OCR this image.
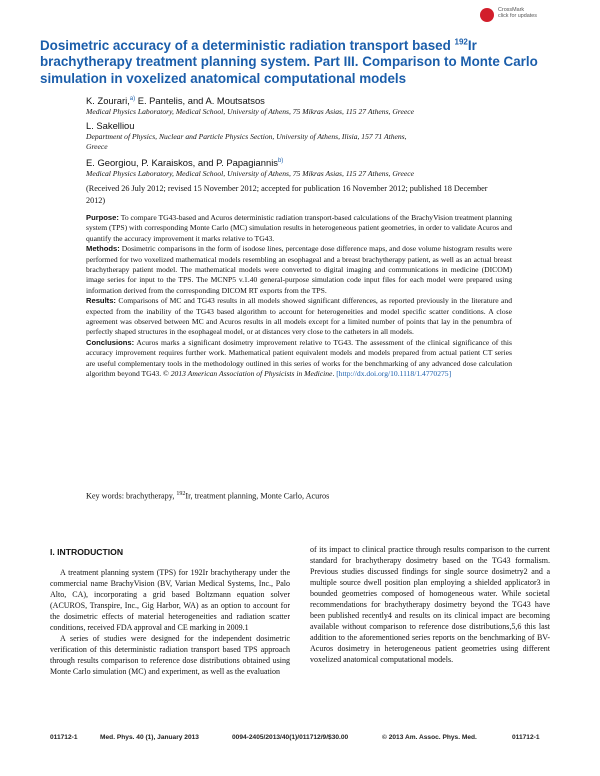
CrossMark
click for updates
Dosimetric accuracy of a deterministic radiation transport based $^{192}$Ir brachytherapy treatment planning system. Part III. Comparison to Monte Carlo simulation in voxelized anatomical computational models
K. Zourari,$^{a)}$ E. Pantelis, and A. Moutsatsos
Medical Physics Laboratory, Medical School, University of Athens, 75 Mikras Asias, 115 27 Athens, Greece
L. Sakelliou
Department of Physics, Nuclear and Particle Physics Section, University of Athens, Ilisia, 157 71 Athens, Greece
E. Georgiou, P. Karaiskos, and P. Papagiannis$^{b)}$
Medical Physics Laboratory, Medical School, University of Athens, 75 Mikras Asias, 115 27 Athens, Greece
(Received 26 July 2012; revised 15 November 2012; accepted for publication 16 November 2012; published 18 December 2012)

Purpose: To compare TG43-based and Acuros deterministic radiation transport-based calculations of the BrachyVision treatment planning system (TPS) with corresponding Monte Carlo (MC) simulation results in heterogeneous patient geometries, in order to validate Acuros and quantify the accuracy improvement it marks relative to TG43.

Methods: Dosimetric comparisons in the form of isodose lines, percentage dose difference maps, and dose volume histogram results were performed for two voxelized mathematical models resembling an esophageal and a breast brachytherapy patient, as well as an actual breast brachytherapy patient model. The mathematical models were converted to digital imaging and communications in medicine (DICOM) image series for input to the TPS. The MCNP5 v.1.40 general-purpose simulation code input files for each model were prepared using information derived from the corresponding DICOM RT exports from the TPS.

Results: Comparisons of MC and TG43 results in all models showed significant differences, as reported previously in the literature and expected from the inability of the TG43 based algorithm to account for heterogeneities and model specific scatter conditions. A close agreement was observed between MC and Acuros results in all models except for a limited number of points that lay in the penumbra of perfectly shaped structures in the esophageal model, or at distances very close to the catheters in all models.

Conclusions: Acuros marks a significant dosimetry improvement relative to TG43. The assessment of the clinical significance of this accuracy improvement requires further work. Mathematical patient equivalent models and models prepared from actual patient CT series are useful complementary tools in the methodology outlined in this series of works for the benchmarking of any advanced dose calculation algorithm beyond TG43. © 2013 American Association of Physicists in Medicine. [http://dx.doi.org/10.1118/1.4770275]

Key words: brachytherapy, $^{192}$Ir, treatment planning, Monte Carlo, Acuros
I. INTRODUCTION

A treatment planning system (TPS) for 192Ir brachytherapy under the commercial name BrachyVision (BV, Varian Medical Systems, Inc., Palo Alto, CA), incorporating a grid based Boltzmann equation solver (ACUROS, Transpire, Inc., Gig Harbor, WA) as an option to account for the dosimetric effects of material heterogeneities and radiation scatter conditions, received FDA approval and CE marking in 2009.1

A series of studies were designed for the independent dosimetric verification of this deterministic radiation transport based TPS approach through results comparison to reference dose distributions obtained using Monte Carlo simulation (MC) and experiment, as well as the evaluation

of its impact to clinical practice through results comparison to the current standard for brachytherapy dosimetry based on the TG43 formalism. Previous studies discussed findings for single source dosimetry2 and a multiple source dwell position plan employing a shielded applicator3 in bounded geometries composed of homogeneous water. While societal recommendations for brachytherapy dosimetry beyond the TG43 have been published recently4 and results on its clinical impact are becoming available without comparison to reference dose distributions,5,6 this last addition to the aforementioned series reports on the benchmarking of BV-Acuros dosimetry in heterogeneous patient geometries using different voxelized anatomical computational models.

011712-1	Med. Phys. 40 (1), January 2013	0094-2405/2013/40(1)/011712/9/$30.00	© 2013 Am. Assoc. Phys. Med.	011712-1
